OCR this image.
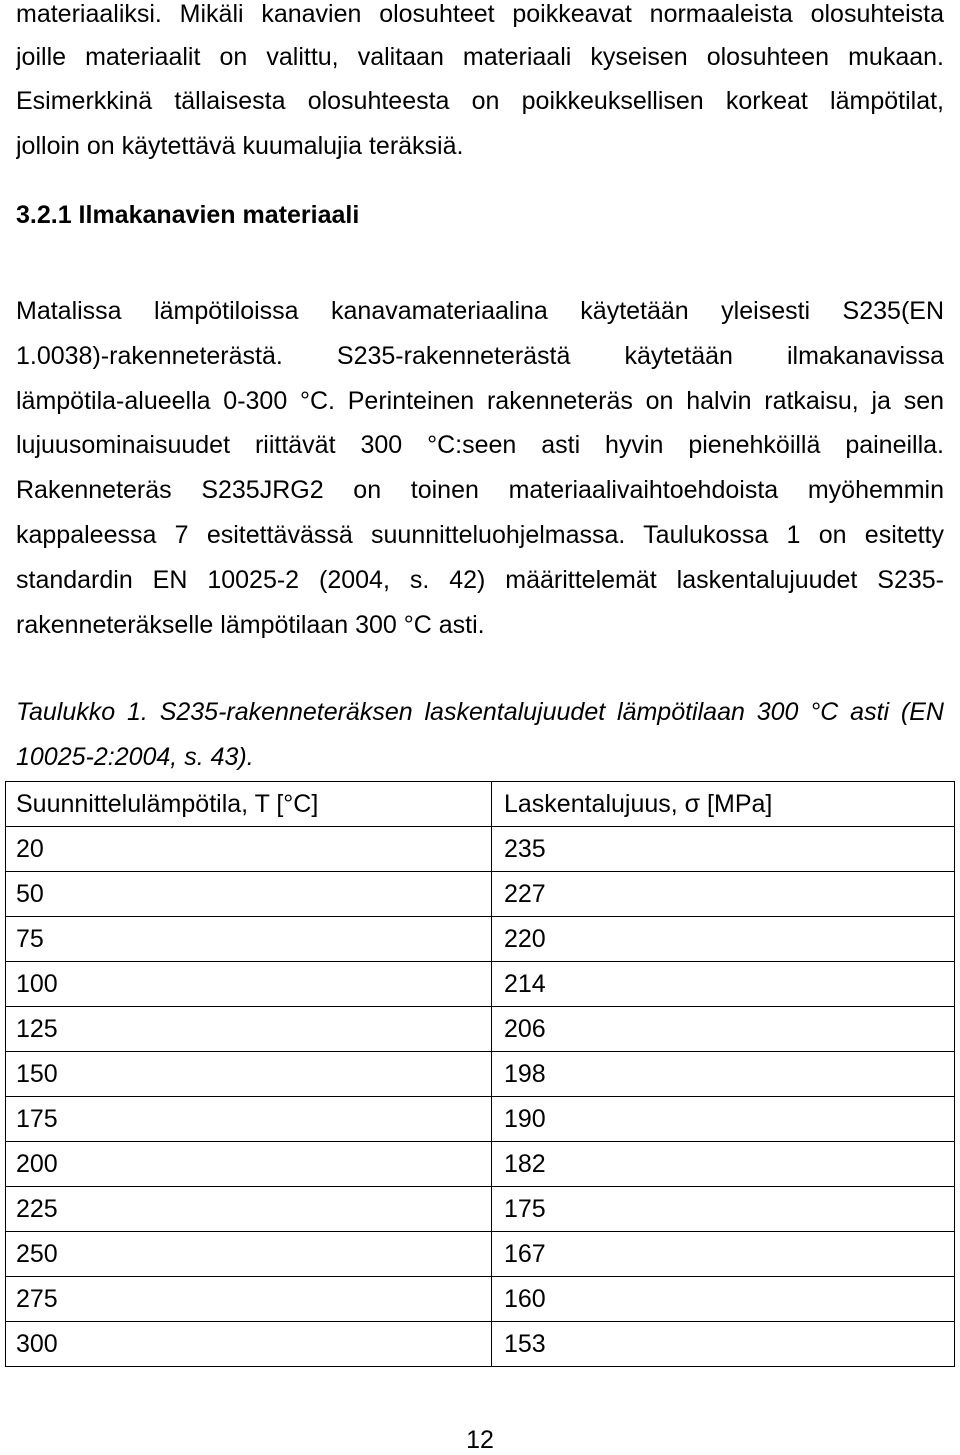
materiaaliksi. Mikäli kanavien olosuhteet poikkeavat normaaleista olosuhteista
joille materiaalit on valittu, valitaan materiaali kyseisen olosuhteen mukaan.
Esimerkkinä tällaisesta olosuhteesta on poikkeuksellisen korkeat lämpötilat,
jolloin on käytettävä kuumalujia teräksiä.
3.2.1 Ilmakanavien materiaali
Matalissa lämpötiloissa kanavamateriaalina käytetään yleisesti S235(EN
1.0038)-rakenneterästä. S235-rakenneterästä käytetään ilmakanavissa
lämpötila-alueella 0-300 °C. Perinteinen rakenneteräs on halvin ratkaisu, ja sen
lujuusominaisuudet riittävät 300 °C:seen asti hyvin pienehköillä paineilla.
Rakenneteräs S235JRG2 on toinen materiaalivaihtoehdoista myöhemmin
kappaleessa 7 esitettävässä suunnitteluohjelmassa. Taulukossa 1 on esitetty
standardin EN 10025-2 (2004, s. 42) määrittelemät laskentalujuudet S235-
rakenneteräkselle lämpötilaan 300 °C asti.
Taulukko 1. S235-rakenneteräksen laskentalujuudet lämpötilaan 300 °C asti (EN
10025-2:2004, s. 43).
Suunnittelulämpötila, T [°C]	Laskentalujuus, σ [MPa]
20	235
50	227
75	220
100	214
125	206
150	198
175	190
200	182
225	175
250	167
275	160
300	153
12
